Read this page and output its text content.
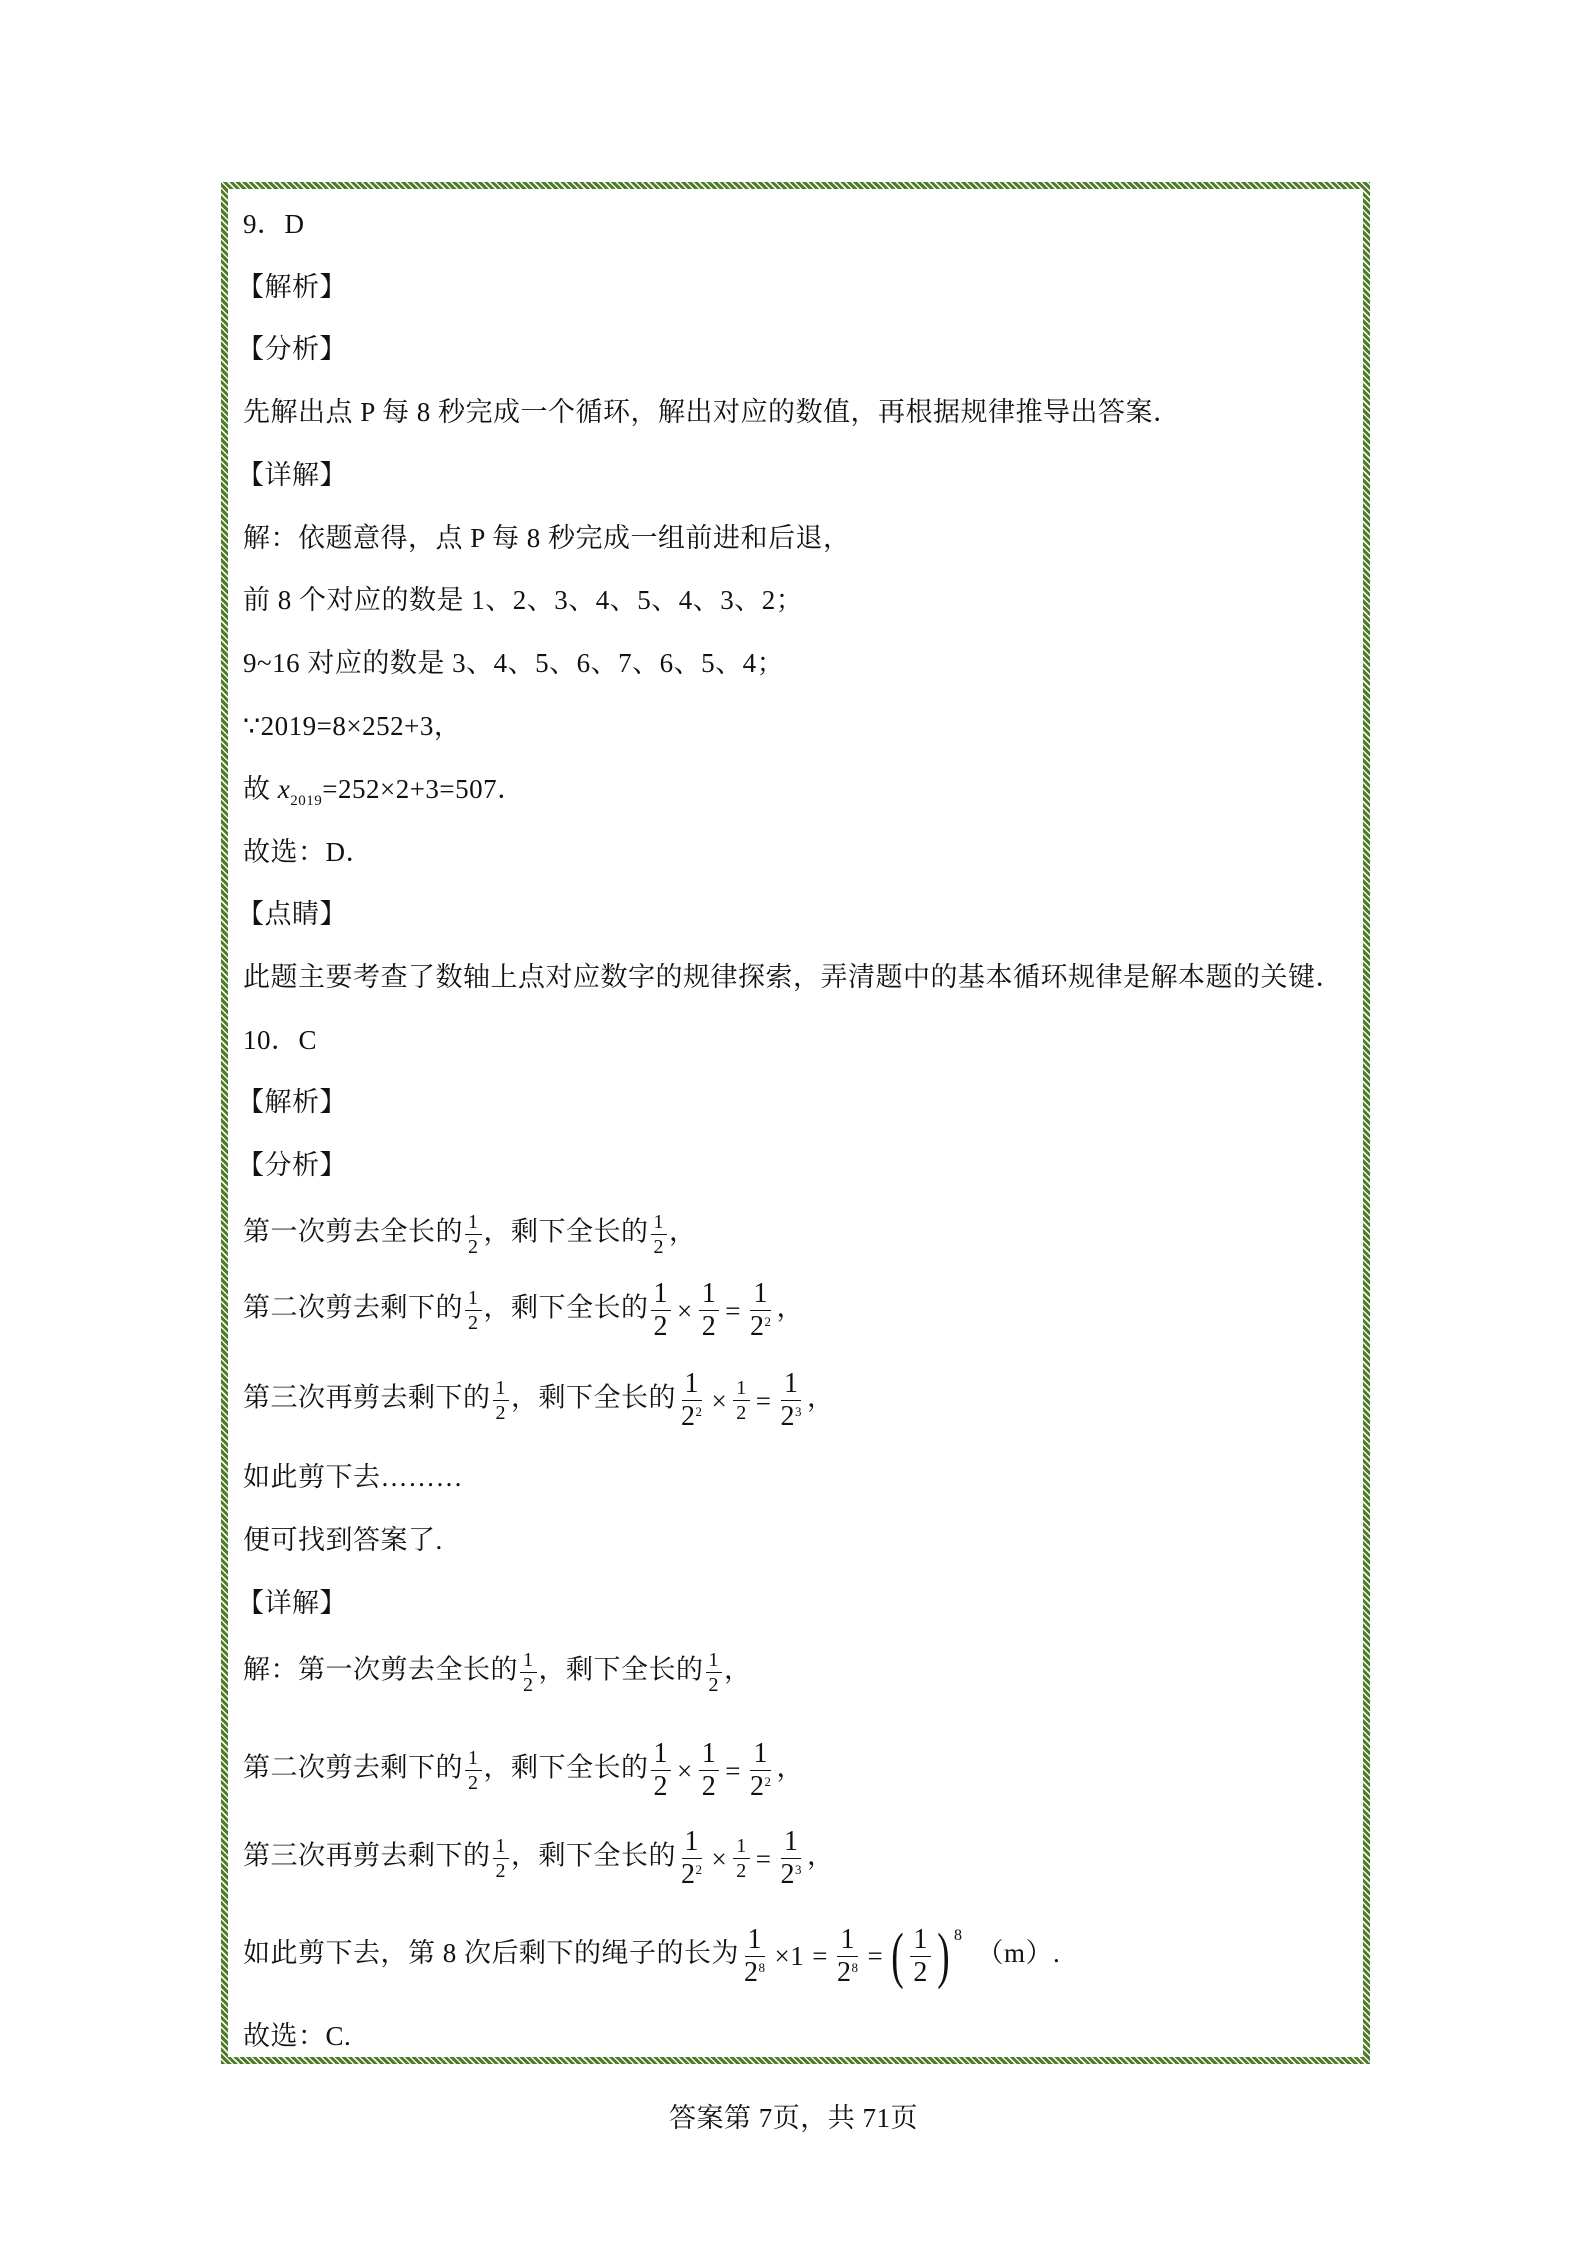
9．D
【解析】
【分析】
先解出点 P 每 8 秒完成一个循环，解出对应的数值，再根据规律推导出答案．
【详解】
解：依题意得，点 P 每 8 秒完成一组前进和后退，
前 8 个对应的数是 1、2、3、4、5、4、3、2；
9~16 对应的数是 3、4、5、6、7、6、5、4；
∵2019=8×252+3，
故 $x_{2019}=252\times 2+3=507$．
故选：D．
【点睛】
此题主要考查了数轴上点对应数字的规律探索，弄清题中的基本循环规律是解本题的关键．
10．C
【解析】
【分析】
第一次剪去全长的 $\frac{1}{2}$ ，剩下全长的 $\frac{1}{2}$ ，
第二次剪去剩下的 $\frac{1}{2}$ ，剩下全长的 $\frac{1}{2} \times \frac{1}{2} = \frac{1}{2^2}$ ，
第三次再剪去剩下的 $\frac{1}{2}$ ，剩下全长的 $\frac{1}{2^2} \times \frac{1}{2} = \frac{1}{2^3}$ ，
如此剪下去………
便可找到答案了.
【详解】
解：第一次剪去全长的 $\frac{1}{2}$ ，剩下全长的 $\frac{1}{2}$ ，
第二次剪去剩下的 $\frac{1}{2}$ ，剩下全长的 $\frac{1}{2} \times \frac{1}{2} = \frac{1}{2^2}$ ，
第三次再剪去剩下的 $\frac{1}{2}$ ，剩下全长的 $\frac{1}{2^2} \times \frac{1}{2} = \frac{1}{2^3}$ ，
如此剪下去，第 8 次后剩下的绳子的长为 $\frac{1}{2^8} \times 1 = \frac{1}{2^8}$ = ( $\frac{1}{2}$ ) 8
（m）.
故选：C.
答案第 7页，共 71页
